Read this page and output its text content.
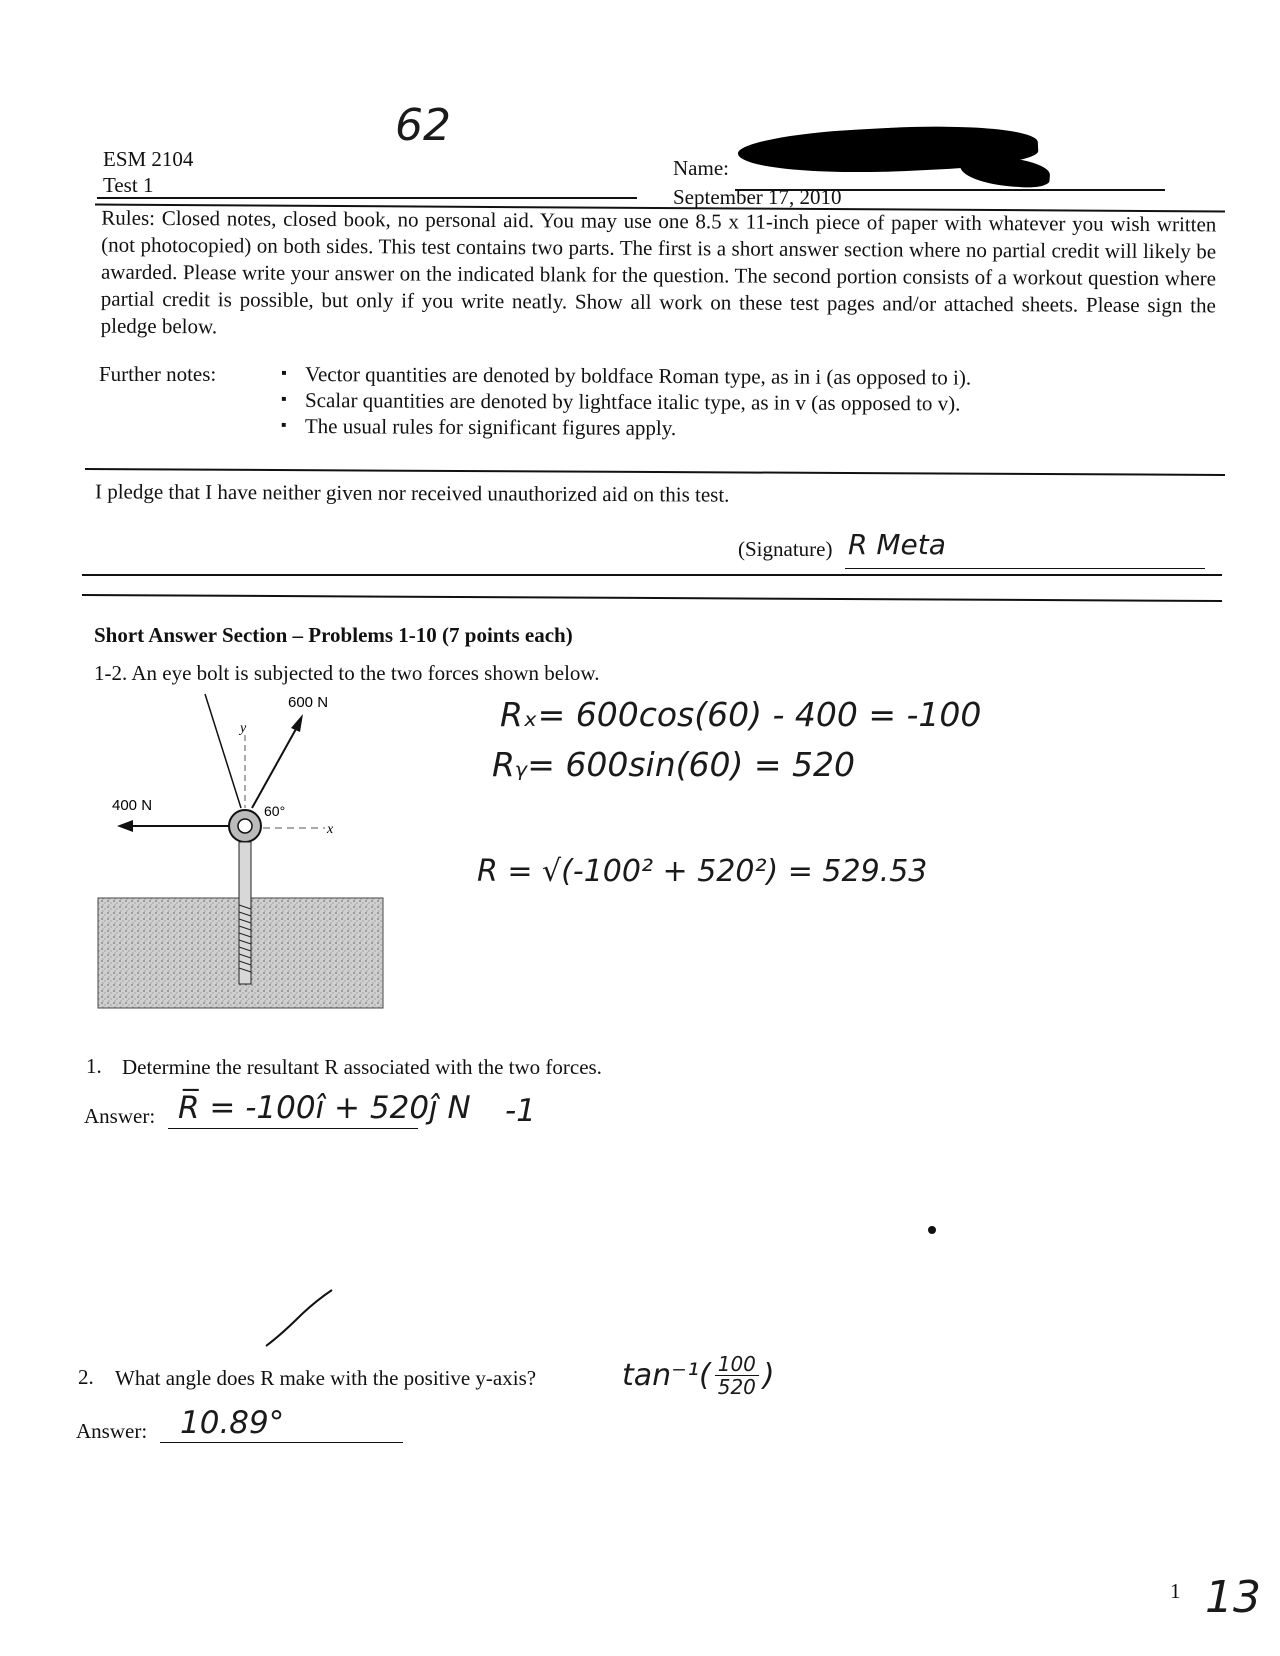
62
ESM 2104
Test 1
Name:
September 17, 2010
Rules: Closed notes, closed book, no personal aid. You may use one 8.5 x 11-inch piece of paper with whatever you wish written (not photocopied) on both sides. This test contains two parts. The first is a short answer section where no partial credit will likely be awarded. Please write your answer on the indicated blank for the question. The second portion consists of a workout question where partial credit is possible, but only if you write neatly. Show all work on these test pages and/or attached sheets. Please sign the pledge below.
Further notes:
▪	Vector quantities are denoted by boldface Roman type, as in i (as opposed to i).
▪ Scalar quantities are denoted by lightface italic type, as in v (as opposed to v).
▪ The usual rules for significant figures apply.
I pledge that I have neither given nor received unauthorized aid on this test.
(Signature) R Meta
Short Answer Section – Problems 1-10 (7 points each)
1-2. An eye bolt is subjected to the two forces shown below.
600 N
400 N	60°
y
x
Rₓ= 600cos(60) - 400 = -100
Rᵧ= 600sin(60) = 520
R = √(-100² + 520²) = 529.53
1. Determine the resultant R associated with the two forces.
Answer: R̅ = -100î + 520ĵ N -1
2. What angle does R make with the positive y-axis?	$\tan^{-1}( \frac{100}{520}$ )
Answer: 10.89°
1 13
